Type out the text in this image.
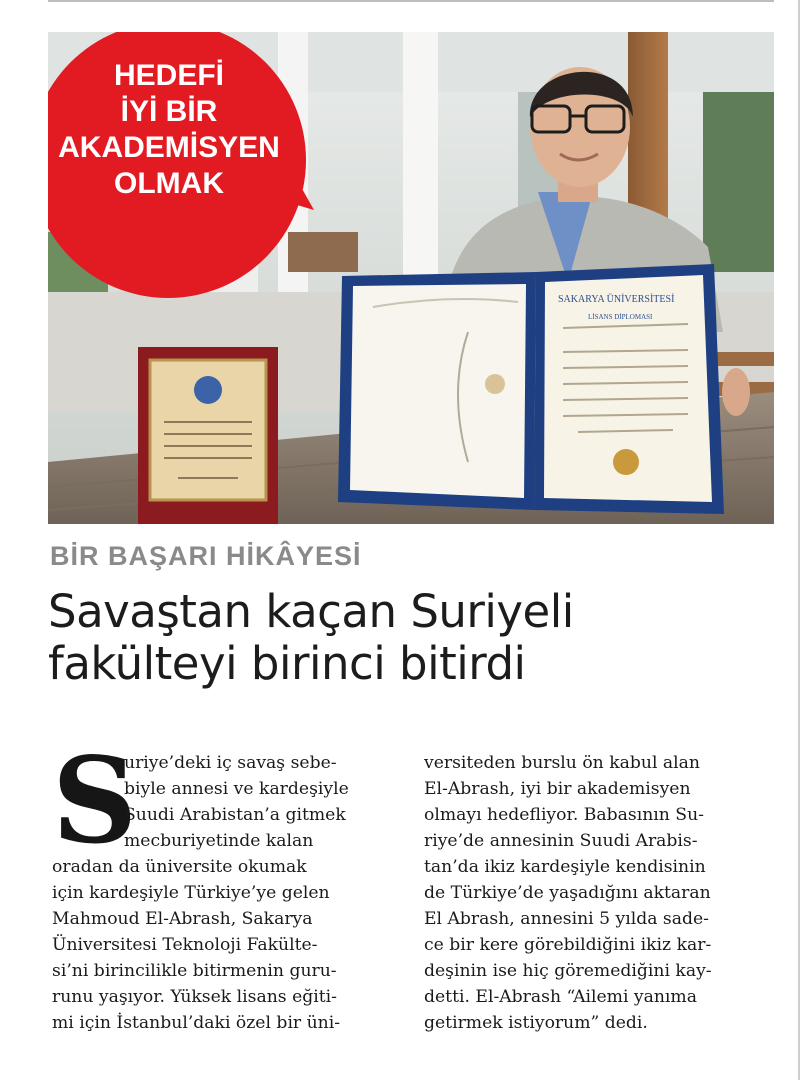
SAKARYA ÜNİVERSİTESİ
LİSANS DİPLOMASI
HEDEFİ
İYİ BİR
AKADEMİSYEN
OLMAK
BİR BAŞARI HİKÂYESİ
Savaştan kaçan Suriyeli
fakülteyi birinci bitirdi
S
uriye’deki iç savaş sebe-
biyle annesi ve kardeşiyle
Suudi Arabistan’a gitmek
mecburiyetinde kalan
oradan da üniversite okumak
için kardeşiyle Türkiye’ye gelen
Mahmoud El-Abrash, Sakarya
Üniversitesi Teknoloji Fakülte-
si’ni birincilikle bitirmenin guru-
runu yaşıyor. Yüksek lisans eğiti-
mi için İstanbul’daki özel bir üni-
versiteden burslu ön kabul alan
El-Abrash, iyi bir akademisyen
olmayı hedefliyor. Babasının Su-
riye’de annesinin Suudi Arabis-
tan’da ikiz kardeşiyle kendisinin
de Türkiye’de yaşadığını aktaran
El Abrash, annesini 5 yılda sade-
ce bir kere görebildiğini ikiz kar-
deşinin ise hiç göremediğini kay-
detti. El-Abrash “Ailemi yanıma
getirmek istiyorum” dedi.
